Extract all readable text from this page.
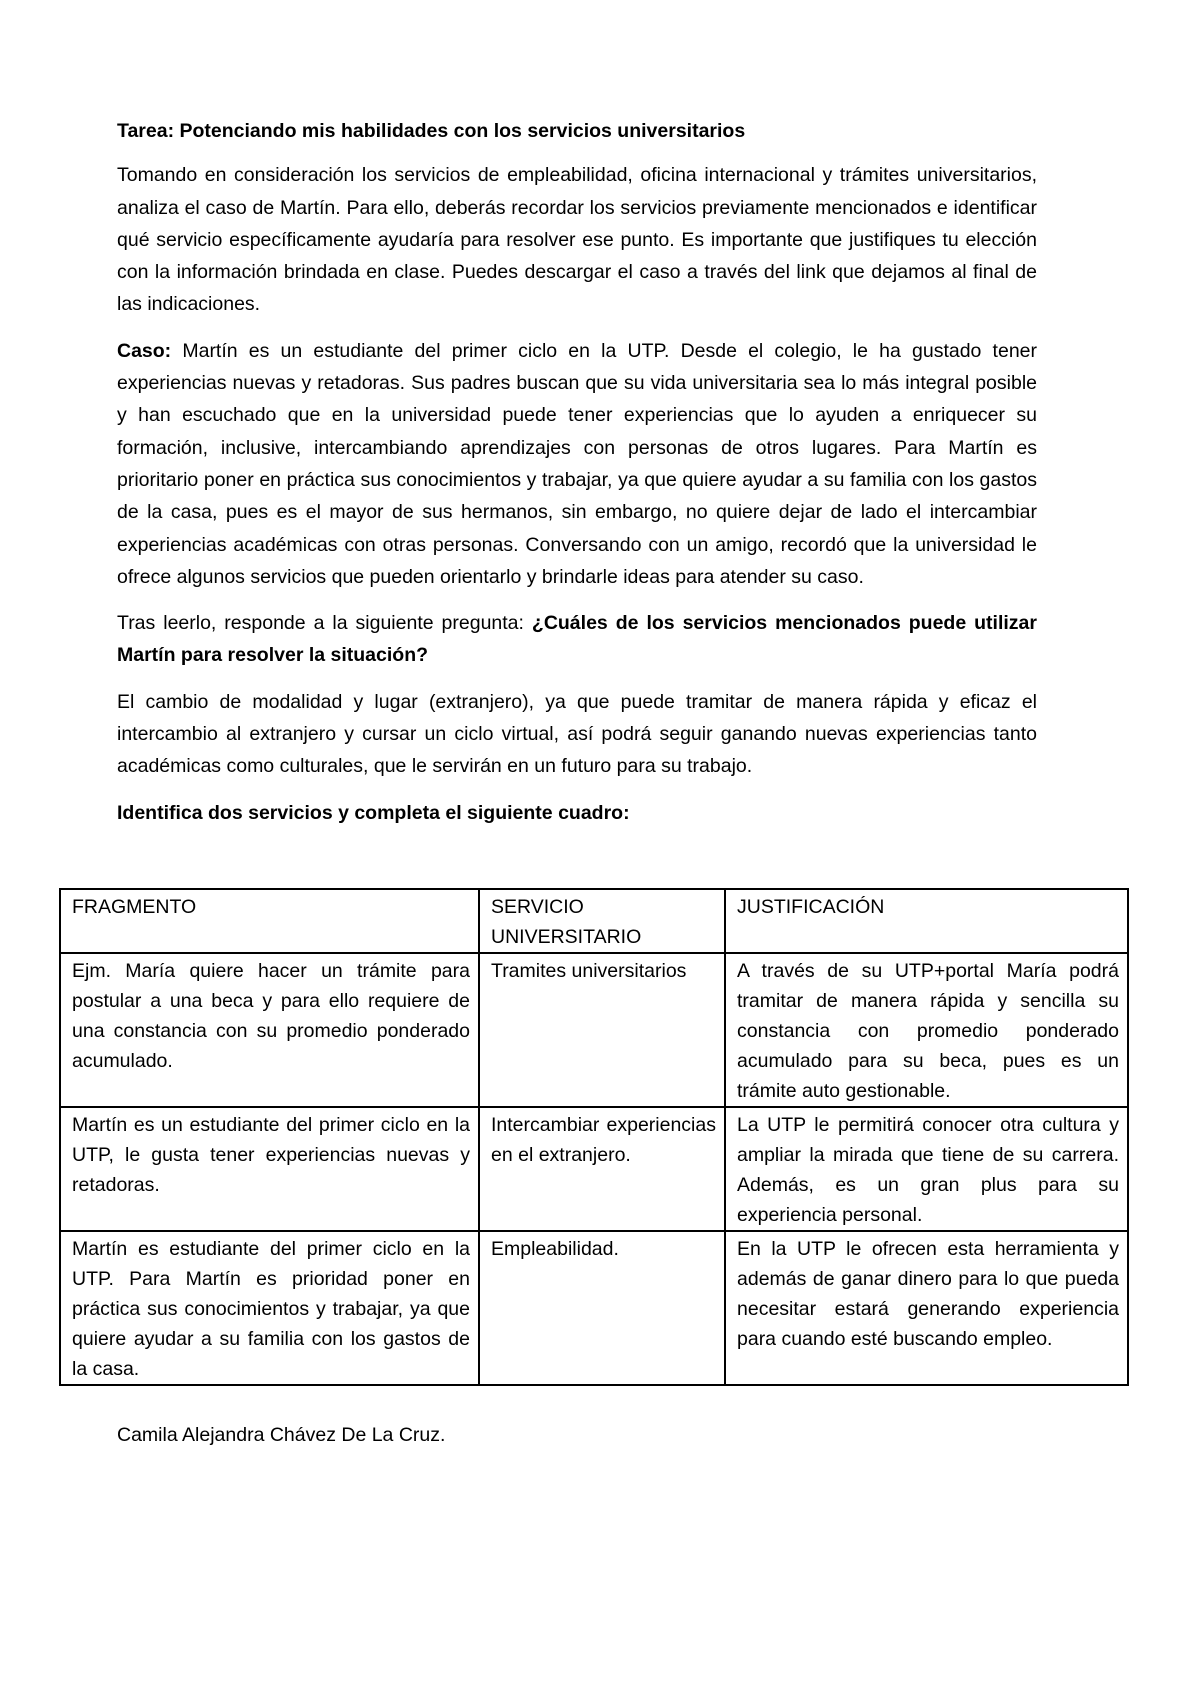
Tarea: Potenciando mis habilidades con los servicios universitarios

Tomando en consideración los servicios de empleabilidad, oficina internacional y trámites universitarios, analiza el caso de Martín. Para ello, deberás recordar los servicios previamente mencionados e identificar qué servicio específicamente ayudaría para resolver ese punto. Es importante que justifiques tu elección con la información brindada en clase. Puedes descargar el caso a través del link que dejamos al final de las indicaciones.

Caso: Martín es un estudiante del primer ciclo en la UTP. Desde el colegio, le ha gustado tener experiencias nuevas y retadoras. Sus padres buscan que su vida universitaria sea lo más integral posible y han escuchado que en la universidad puede tener experiencias que lo ayuden a enriquecer su formación, inclusive, intercambiando aprendizajes con personas de otros lugares. Para Martín es prioritario poner en práctica sus conocimientos y trabajar, ya que quiere ayudar a su familia con los gastos de la casa, pues es el mayor de sus hermanos, sin embargo, no quiere dejar de lado el intercambiar experiencias académicas con otras personas. Conversando con un amigo, recordó que la universidad le ofrece algunos servicios que pueden orientarlo y brindarle ideas para atender su caso.

Tras leerlo, responde a la siguiente pregunta: ¿Cuáles de los servicios mencionados puede utilizar Martín para resolver la situación?

El cambio de modalidad y lugar (extranjero), ya que puede tramitar de manera rápida y eficaz el intercambio al extranjero y cursar un ciclo virtual, así podrá seguir ganando nuevas experiencias tanto académicas como culturales, que le servirán en un futuro para su trabajo.

Identifica dos servicios y completa el siguiente cuadro:

FRAGMENTO	SERVICIO UNIVERSITARIO	JUSTIFICACIÓN
Ejm. María quiere hacer un trámite para postular a una beca y para ello requiere de una constancia con su promedio ponderado acumulado.	Tramites universitarios	A través de su UTP+portal María podrá tramitar de manera rápida y sencilla su constancia con promedio ponderado acumulado para su beca, pues es un trámite auto gestionable.
Martín es un estudiante del primer ciclo en la UTP, le gusta tener experiencias nuevas y retadoras.	Intercambiar experiencias en el extranjero.	La UTP le permitirá conocer otra cultura y ampliar la mirada que tiene de su carrera. Además, es un gran plus para su experiencia personal.
Martín es estudiante del primer ciclo en la UTP. Para Martín es prioridad poner en práctica sus conocimientos y trabajar, ya que quiere ayudar a su familia con los gastos de la casa.	Empleabilidad.	En la UTP le ofrecen esta herramienta y además de ganar dinero para lo que pueda necesitar estará generando experiencia para cuando esté buscando empleo.

Camila Alejandra Chávez De La Cruz.
